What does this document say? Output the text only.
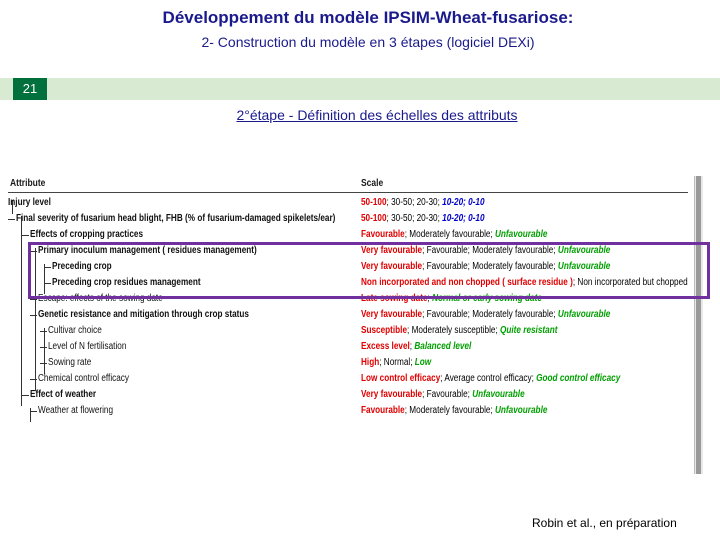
Développement du modèle IPSIM-Wheat-fusariose:
2- Construction du modèle en 3 étapes (logiciel DEXi)
21
2°étape - Définition des échelles des attributs
Attribute	Scale
Injury level	50-100; 30-50; 20-30; 10-20; 0-10
Final severity of fusarium head blight, FHB (% of fusarium-damaged spikelets/ear)	50-100; 30-50; 20-30; 10-20; 0-10
Effects of cropping practices	Favourable; Moderately favourable; Unfavourable
Primary inoculum management ( residues management)	Very favourable; Favourable; Moderately favourable; Unfavourable
Preceding crop	Very favourable; Favourable; Moderately favourable; Unfavourable
Preceding crop residues management	Non incorporated and non chopped ( surface residue ); Non incorporated but chopped
Escape: effects of the sowing date	Late sowing date; Normal or early sowing date
Genetic resistance and mitigation through crop status	Very favourable; Favourable; Moderately favourable; Unfavourable
Cultivar choice	Susceptible; Moderately susceptible; Quite resistant
Level of N fertilisation	Excess level; Balanced level
Sowing rate	High; Normal; Low
Chemical control efficacy	Low control efficacy; Average control efficacy; Good control efficacy
Effect of weather	Very favourable; Favourable; Unfavourable
Weather at flowering	Favourable; Moderately favourable; Unfavourable
Robin et al., en préparation
